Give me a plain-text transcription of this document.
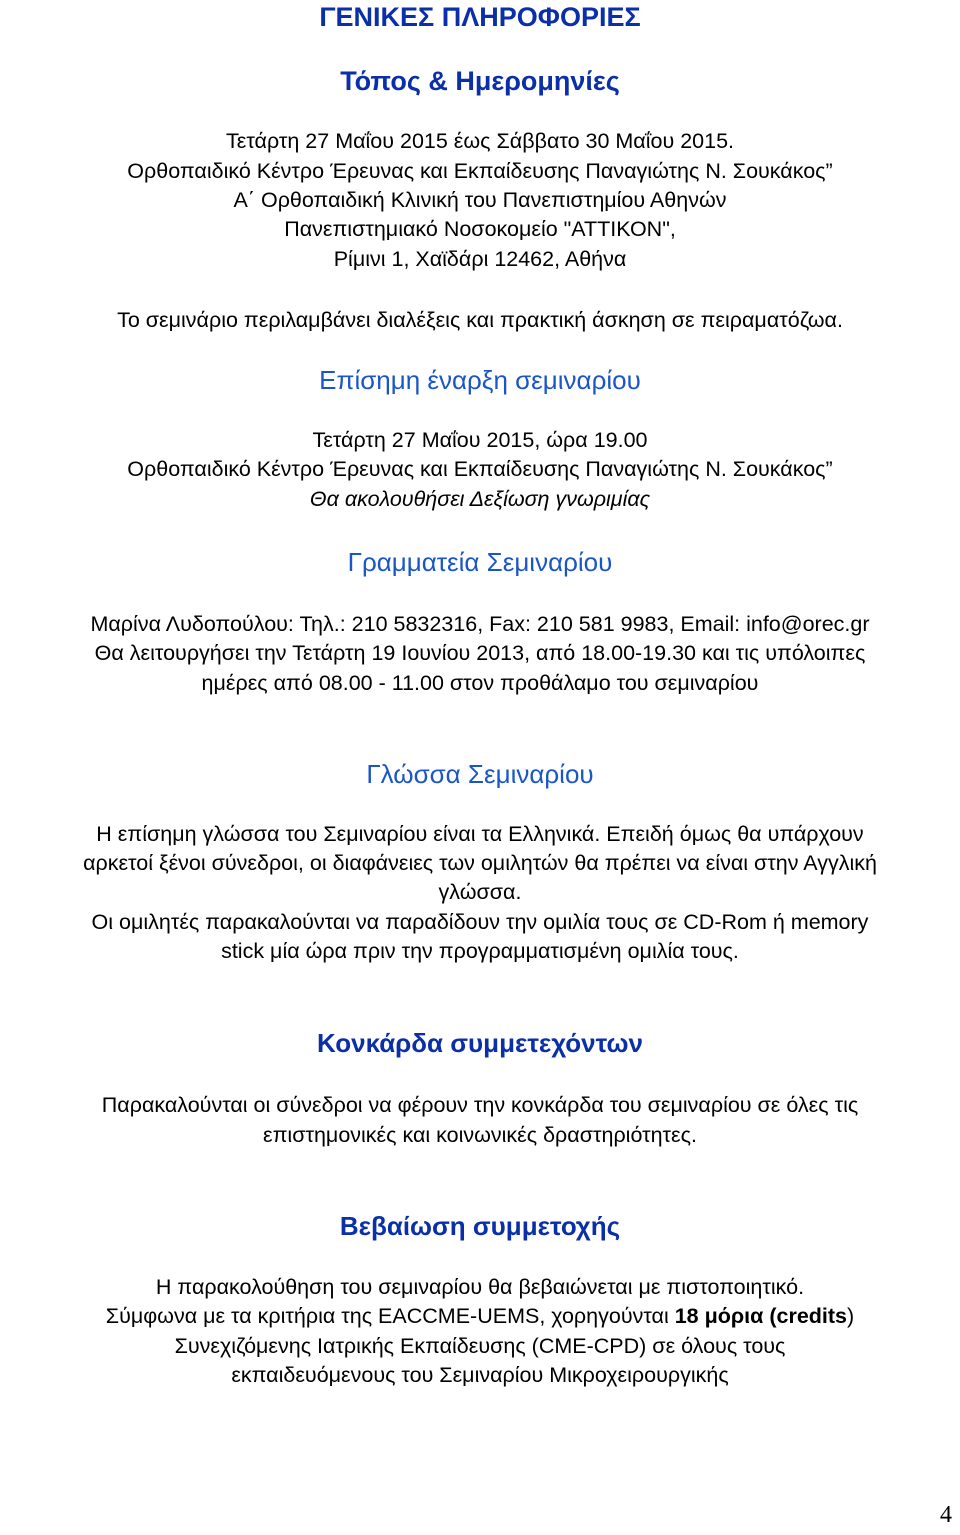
ΓΕΝΙΚΕΣ ΠΛΗΡΟΦΟΡΙΕΣ
Τόπος & Ημερομηνίες
Τετάρτη 27 Μαΐου 2015 έως Σάββατο 30 Μαΐου 2015.
Ορθοπαιδικό Κέντρο Έρευνας και Εκπαίδευσης Παναγιώτης Ν. Σουκάκος”
Α΄ Ορθοπαιδική Κλινική του Πανεπιστημίου Αθηνών
Πανεπιστημιακό Νοσοκομείο "ΑΤΤΙΚΟΝ",
Ρίμινι 1, Χαϊδάρι 12462, Αθήνα
Το σεμινάριο περιλαμβάνει διαλέξεις και πρακτική άσκηση σε πειραματόζωα.
Επίσημη έναρξη σεμιναρίου
Τετάρτη 27 Μαΐου 2015, ώρα 19.00
Ορθοπαιδικό Κέντρο Έρευνας και Εκπαίδευσης Παναγιώτης Ν. Σουκάκος”
Θα ακολουθήσει Δεξίωση γνωριμίας
Γραμματεία Σεμιναρίου
Μαρίνα Λυδοπούλου: Τηλ.: 210 5832316, Fax: 210 581 9983, Email: info@orec.gr
Θα λειτουργήσει την Τετάρτη 19 Ιουνίου 2013, από 18.00-19.30 και τις υπόλοιπες
ημέρες από 08.00 - 11.00 στον προθάλαμο του σεμιναρίου
Γλώσσα Σεμιναρίου
Η επίσημη γλώσσα του Σεμιναρίου είναι τα Ελληνικά. Επειδή όμως θα υπάρχουν
αρκετοί ξένοι σύνεδροι, οι διαφάνειες των ομιλητών θα πρέπει να είναι στην Αγγλική
γλώσσα.
Οι ομιλητές παρακαλούνται να παραδίδουν την ομιλία τους σε CD-Rom ή memory
stick μία ώρα πριν την προγραμματισμένη ομιλία τους.
Κονκάρδα συμμετεχόντων
Παρακαλούνται οι σύνεδροι να φέρουν την κονκάρδα του σεμιναρίου σε όλες τις
επιστημονικές και κοινωνικές δραστηριότητες.
Βεβαίωση συμμετοχής
Η παρακολούθηση του σεμιναρίου θα βεβαιώνεται με πιστοποιητικό.
Σύμφωνα με τα κριτήρια της EACCME-UEMS, χορηγούνται 18 μόρια (credits)
Συνεχιζόμενης Ιατρικής Εκπαίδευσης (CME-CPD) σε όλους τους
εκπαιδευόμενους του Σεμιναρίου Μικροχειρουργικής
4
